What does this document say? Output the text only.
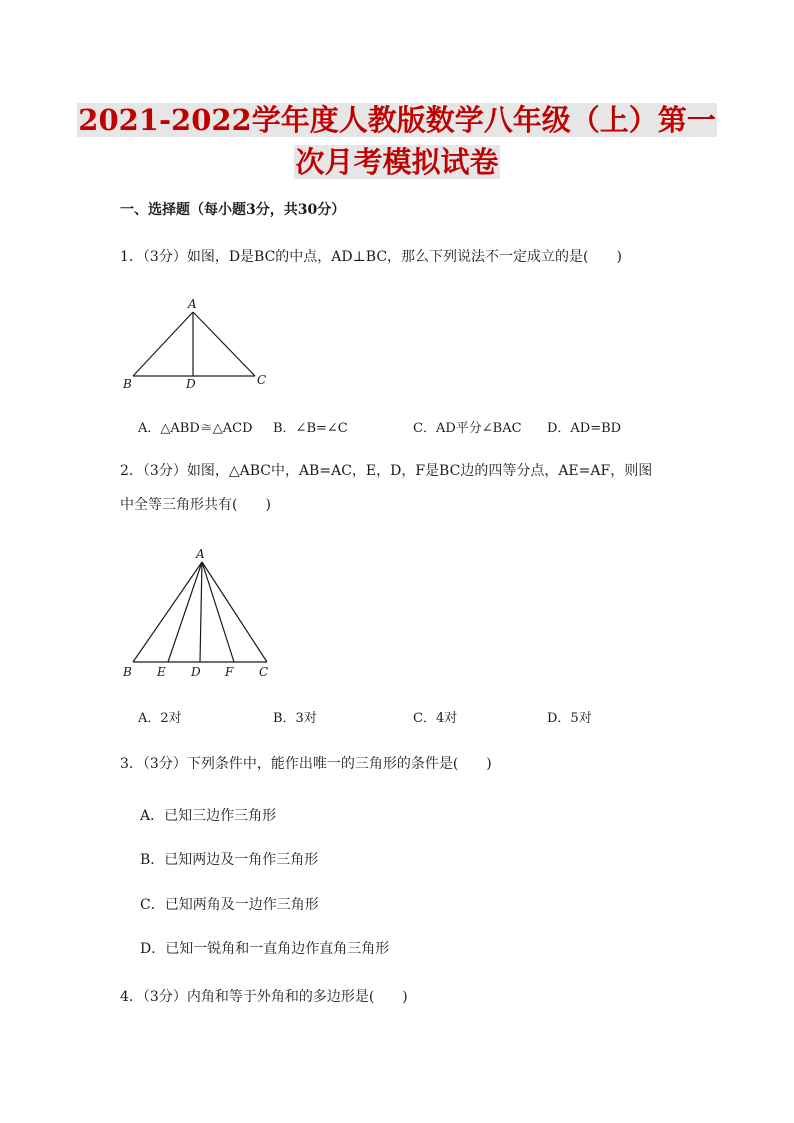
2021-2022学年度人教版数学八年级（上）第一
次月考模拟试卷
一、选择题（每小题3分，共30分）
1．（3分）如图，D是BC的中点，AD⊥BC，那么下列说法不一定成立的是(　　)
A
B	D	C
A．△ABD≅△ACD B．∠B=∠C	C．AD平分∠BAC D．AD=BD
2．（3分）如图，△ABC中，AB=AC，E，D，F是BC边的四等分点，AE=AF，则图
中全等三角形共有(　　)
A
B E D F C
A．2对	B．3对	C．4对	D．5对
3．（3分）下列条件中，能作出唯一的三角形的条件是(　　)
A．已知三边作三角形
B．已知两边及一角作三角形
C．已知两角及一边作三角形
D．已知一锐角和一直角边作直角三角形
4．（3分）内角和等于外角和的多边形是(　　)
